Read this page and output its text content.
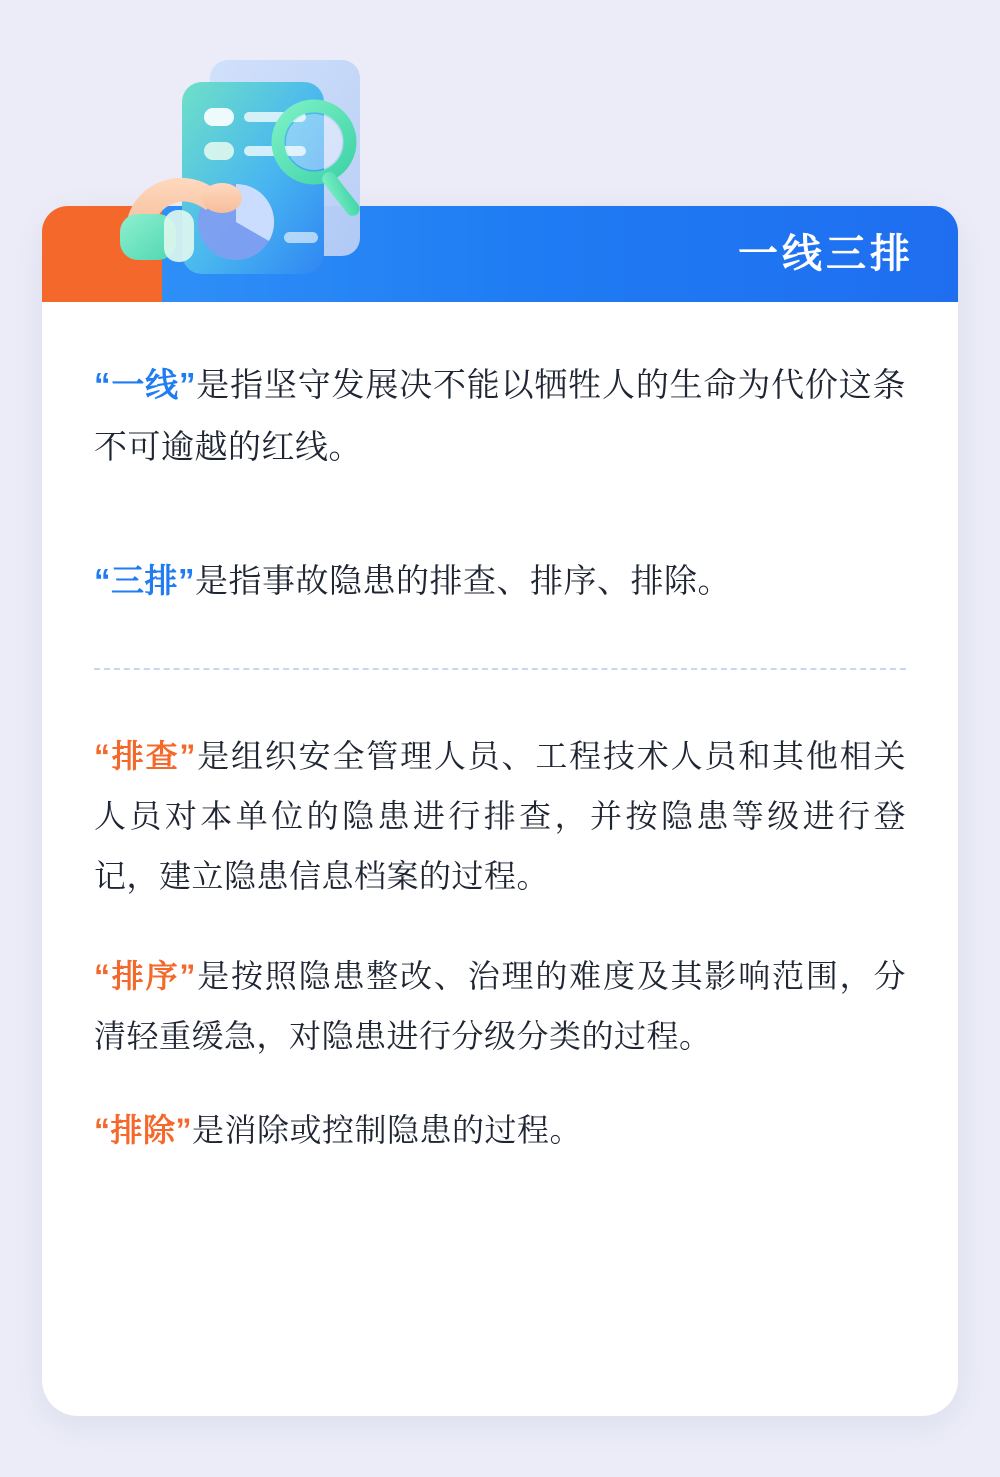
一线三排

“一线”是指坚守发展决不能以牺牲人的生命为代价这条不可逾越的红线。

“三排”是指事故隐患的排查、排序、排除。

“排查”是组织安全管理人员、工程技术人员和其他相关人员对本单位的隐患进行排查，并按隐患等级进行登记，建立隐患信息档案的过程。

“排序”是按照隐患整改、治理的难度及其影响范围，分清轻重缓急，对隐患进行分级分类的过程。

“排除”是消除或控制隐患的过程。
